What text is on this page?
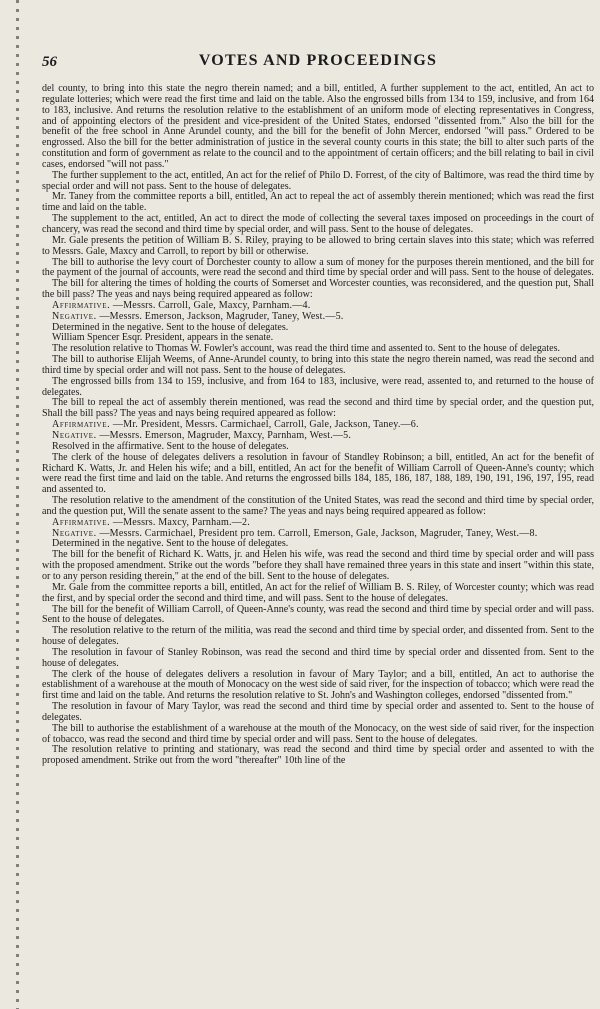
56	VOTES AND PROCEEDINGS

del county, to bring into this state the negro therein named; and a bill, entitled, A further supplement to the act, entitled, An act to regulate lotteries; which were read the first time and laid on the table. Also the engrossed bills from 134 to 159, inclusive, and from 164 to 183, inclusive. And returns the resolution relative to the establishment of an uniform mode of electing representatives in Congress, and of appointing electors of the president and vice-president of the United States, endorsed "dissented from." Also the bill for the benefit of the free school in Anne Arundel county, and the bill for the benefit of John Mercer, endorsed "will pass." Ordered to be engrossed. Also the bill for the better administration of justice in the several county courts in this state; the bill to alter such parts of the constitution and form of government as relate to the council and to the appointment of certain officers; and the bill relating to bail in civil cases, endorsed "will not pass."

The further supplement to the act, entitled, An act for the relief of Philo D. Forrest, of the city of Baltimore, was read the third time by special order and will not pass. Sent to the house of delegates.

Mr. Taney from the committee reports a bill, entitled, An act to repeal the act of assembly therein mentioned; which was read the first time and laid on the table.

The supplement to the act, entitled, An act to direct the mode of collecting the several taxes imposed on proceedings in the court of chancery, was read the second and third time by special order, and will pass. Sent to the house of delegates.

Mr. Gale presents the petition of William B. S. Riley, praying to be allowed to bring certain slaves into this state; which was referred to Messrs. Gale, Maxcy and Carroll, to report by bill or otherwise.

The bill to authorise the levy court of Dorchester county to allow a sum of money for the purposes therein mentioned, and the bill for the payment of the journal of accounts, were read the second and third time by special order and will pass. Sent to the house of delegates.

The bill for altering the times of holding the courts of Somerset and Worcester counties, was reconsidered, and the question put, Shall the bill pass? The yeas and nays being required appeared as follow:

Affirmative. —Messrs. Carroll, Gale, Maxcy, Parnham.—4.

Negative. —Messrs. Emerson, Jackson, Magruder, Taney, West.—5.

Determined in the negative. Sent to the house of delegates.

William Spencer Esqr. President, appears in the senate.

The resolution relative to Thomas W. Fowler's account, was read the third time and assented to. Sent to the house of delegates.

The bill to authorise Elijah Weems, of Anne-Arundel county, to bring into this state the negro therein named, was read the second and third time by special order and will not pass. Sent to the house of delegates.

The engrossed bills from 134 to 159, inclusive, and from 164 to 183, inclusive, were read, assented to, and returned to the house of delegates.

The bill to repeal the act of assembly therein mentioned, was read the second and third time by special order, and the question put, Shall the bill pass? The yeas and nays being required appeared as follow:

Affirmative. —Mr. President, Messrs. Carmichael, Carroll, Gale, Jackson, Taney.—6.

Negative. —Messrs. Emerson, Magruder, Maxcy, Parnham, West.—5.

Resolved in the affirmative. Sent to the house of delegates.

The clerk of the house of delegates delivers a resolution in favour of Standley Robinson; a bill, entitled, An act for the benefit of Richard K. Watts, Jr. and Helen his wife; and a bill, entitled, An act for the benefit of William Carroll of Queen-Anne's county; which were read the first time and laid on the table. And returns the engrossed bills 184, 185, 186, 187, 188, 189, 190, 191, 196, 197, 195, read and assented to.

The resolution relative to the amendment of the constitution of the United States, was read the second and third time by special order, and the question put, Will the senate assent to the same? The yeas and nays being required appeared as follow:

Affirmative. —Messrs. Maxcy, Parnham.—2.

Negative. —Messrs. Carmichael, President pro tem. Carroll, Emerson, Gale, Jackson, Magruder, Taney, West.—8.

Determined in the negative. Sent to the house of delegates.

The bill for the benefit of Richard K. Watts, jr. and Helen his wife, was read the second and third time by special order and will pass with the proposed amendment. Strike out the words "before they shall have remained three years in this state and insert "within this state, or to any person residing therein," at the end of the bill. Sent to the house of delegates.

Mr. Gale from the committee reports a bill, entitled, An act for the relief of William B. S. Riley, of Worcester county; which was read the first, and by special order the second and third time, and will pass. Sent to the house of delegates.

The bill for the benefit of William Carroll, of Queen-Anne's county, was read the second and third time by special order and will pass. Sent to the house of delegates.

The resolution relative to the return of the militia, was read the second and third time by special order, and dissented from. Sent to the house of delegates.

The resolution in favour of Stanley Robinson, was read the second and third time by special order and dissented from. Sent to the house of delegates.

The clerk of the house of delegates delivers a resolution in favour of Mary Taylor; and a bill, entitled, An act to authorise the establishment of a warehouse at the mouth of Monocacy on the west side of said river, for the inspection of tobacco; which were read the first time and laid on the table. And returns the resolution relative to St. John's and Washington colleges, endorsed "dissented from."

The resolution in favour of Mary Taylor, was read the second and third time by special order and assented to. Sent to the house of delegates.

The bill to authorise the establishment of a warehouse at the mouth of the Monocacy, on the west side of said river, for the inspection of tobacco, was read the second and third time by special order and will pass. Sent to the house of delegates.

The resolution relative to printing and stationary, was read the second and third time by special order and assented to with the proposed amendment. Strike out from the word "thereafter" 10th line of the
